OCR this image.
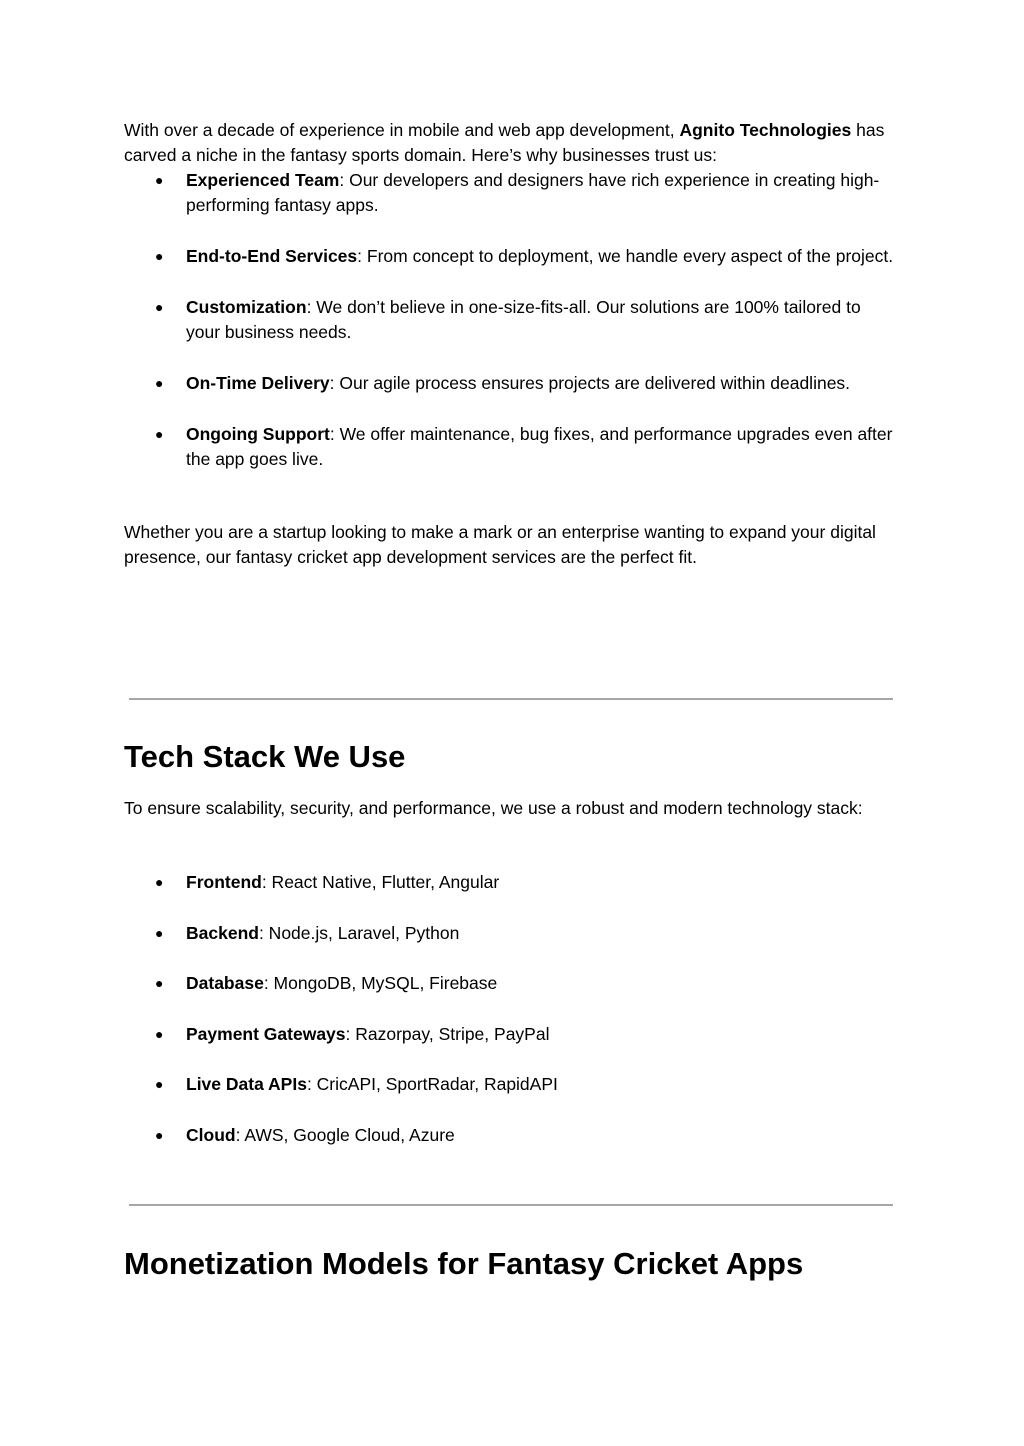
With over a decade of experience in mobile and web app development, Agnito Technologies has carved a niche in the fantasy sports domain. Here’s why businesses trust us:

● Experienced Team: Our developers and designers have rich experience in creating high-performing fantasy apps.
● End-to-End Services: From concept to deployment, we handle every aspect of the project.
● Customization: We don’t believe in one-size-fits-all. Our solutions are 100% tailored to your business needs.
● On-Time Delivery: Our agile process ensures projects are delivered within deadlines.
● Ongoing Support: We offer maintenance, bug fixes, and performance upgrades even after the app goes live.

Whether you are a startup looking to make a mark or an enterprise wanting to expand your digital presence, our fantasy cricket app development services are the perfect fit.

Tech Stack We Use

To ensure scalability, security, and performance, we use a robust and modern technology stack:

● Frontend: React Native, Flutter, Angular
● Backend: Node.js, Laravel, Python
● Database: MongoDB, MySQL, Firebase
● Payment Gateways: Razorpay, Stripe, PayPal
● Live Data APIs: CricAPI, SportRadar, RapidAPI
● Cloud: AWS, Google Cloud, Azure
Monetization Models for Fantasy Cricket Apps
